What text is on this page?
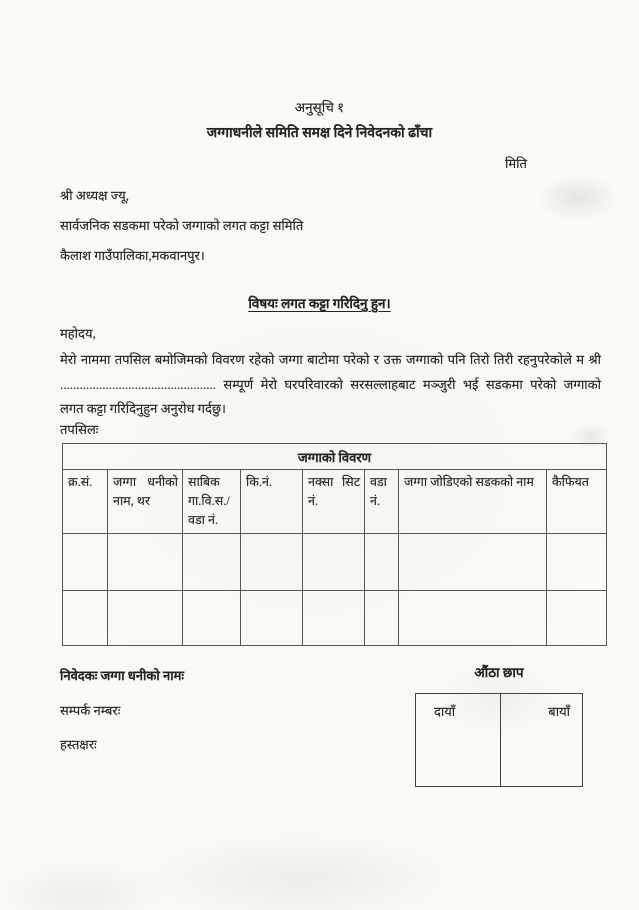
अनुसूचि १
जग्गाधनीले समिति समक्ष दिने निवेदनको ढाँचा
मिति
श्री अध्यक्ष ज्यू,
सार्वजनिक सडकमा परेको जग्गाको लगत कट्टा समिति
कैलाश गाउँपालिका,मकवानपुर।
विषयः लगत कट्टा गरिदिनु हुन।
महोदय,
मेरो नाममा तपसिल बमोजिमको विवरण रहेको जग्गा बाटोमा परेको र उक्त जग्गाको पनि तिरो तिरी रहनुपरेकोले म श्री
................................................ सम्पूर्ण मेरो घरपरिवारको सरसल्लाहबाट मञ्जुरी भई सडकमा परेको जग्गाको
लगत कट्टा गरिदिनुहुन अनुरोध गर्दछु।
तपसिलः
जग्गाको विवरण							
क्र.सं.	जग्गा धनीको नाम, थर	साबिक गा.वि.स./वडा नं.	कि.नं.	नक्सा सिट नं.	वडा नं.	जग्गा जोडिएको सडकको नाम	कैफियत

निवेदकः जग्गा धनीको नामः
सम्पर्क नम्बरः
हस्तक्षरः
औंठा छाप
दायाँ	बायाँ
